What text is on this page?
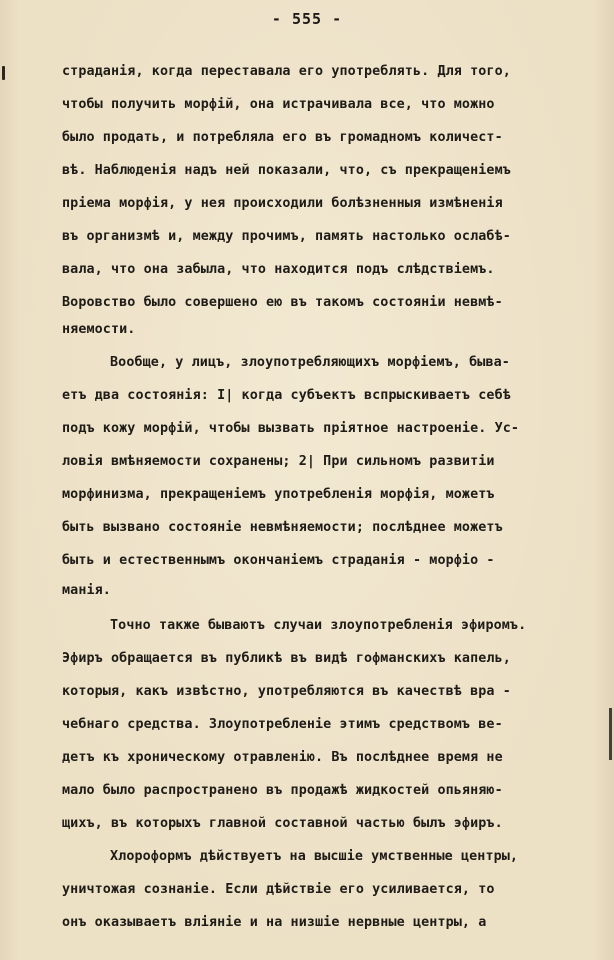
- 555 -
страданія, когда переставала его употреблять. Для того,
чтобы получить морфій, она истрачивала все, что можно
было продать, и потребляла его въ громадномъ количест-
вѣ. Наблюденія надъ ней показали, что, съ прекращеніемъ
пріема морфія, у нея происходили болѣзненныя измѣненія
въ организмѣ и, между прочимъ, память настолько ослабѣ-
вала, что она забыла, что находится подъ слѣдствіемъ.
Воровство было совершено ею въ такомъ состояніи невмѣ-
няемости.
Вообще, у лицъ, злоупотребляющихъ морфіемъ, быва-
етъ два состоянія: I| когда субъектъ вспрыскиваетъ себѣ
подъ кожу морфій, чтобы вызвать пріятное настроеніе. Ус-
ловія вмѣняемости сохранены; 2| При сильномъ развитіи
морфинизма, прекращеніемъ употребленія морфія, можетъ
быть вызвано состояніе невмѣняемости; послѣднее можетъ
быть и естественнымъ окончаніемъ страданія - морфіо -
манія.
Точно также бываютъ случаи злоупотребленія эфиромъ.
Эфиръ обращается въ публикѣ въ видѣ гофманскихъ капель,
которыя, какъ извѣстно, употребляются въ качествѣ вра -
чебнаго средства. Злоупотребленіе этимъ средствомъ ве-
детъ къ хроническому отравленію. Въ послѣднее время не
мало было распространено въ продажѣ жидкостей опьяняю-
щихъ, въ которыхъ главной составной частью былъ эфиръ.
Хлороформъ дѣйствуетъ на высшіе умственные центры,
уничтожая сознаніе. Если дѣйствіе его усиливается, то
онъ оказываетъ вліяніе и на низшіе нервные центры, а
